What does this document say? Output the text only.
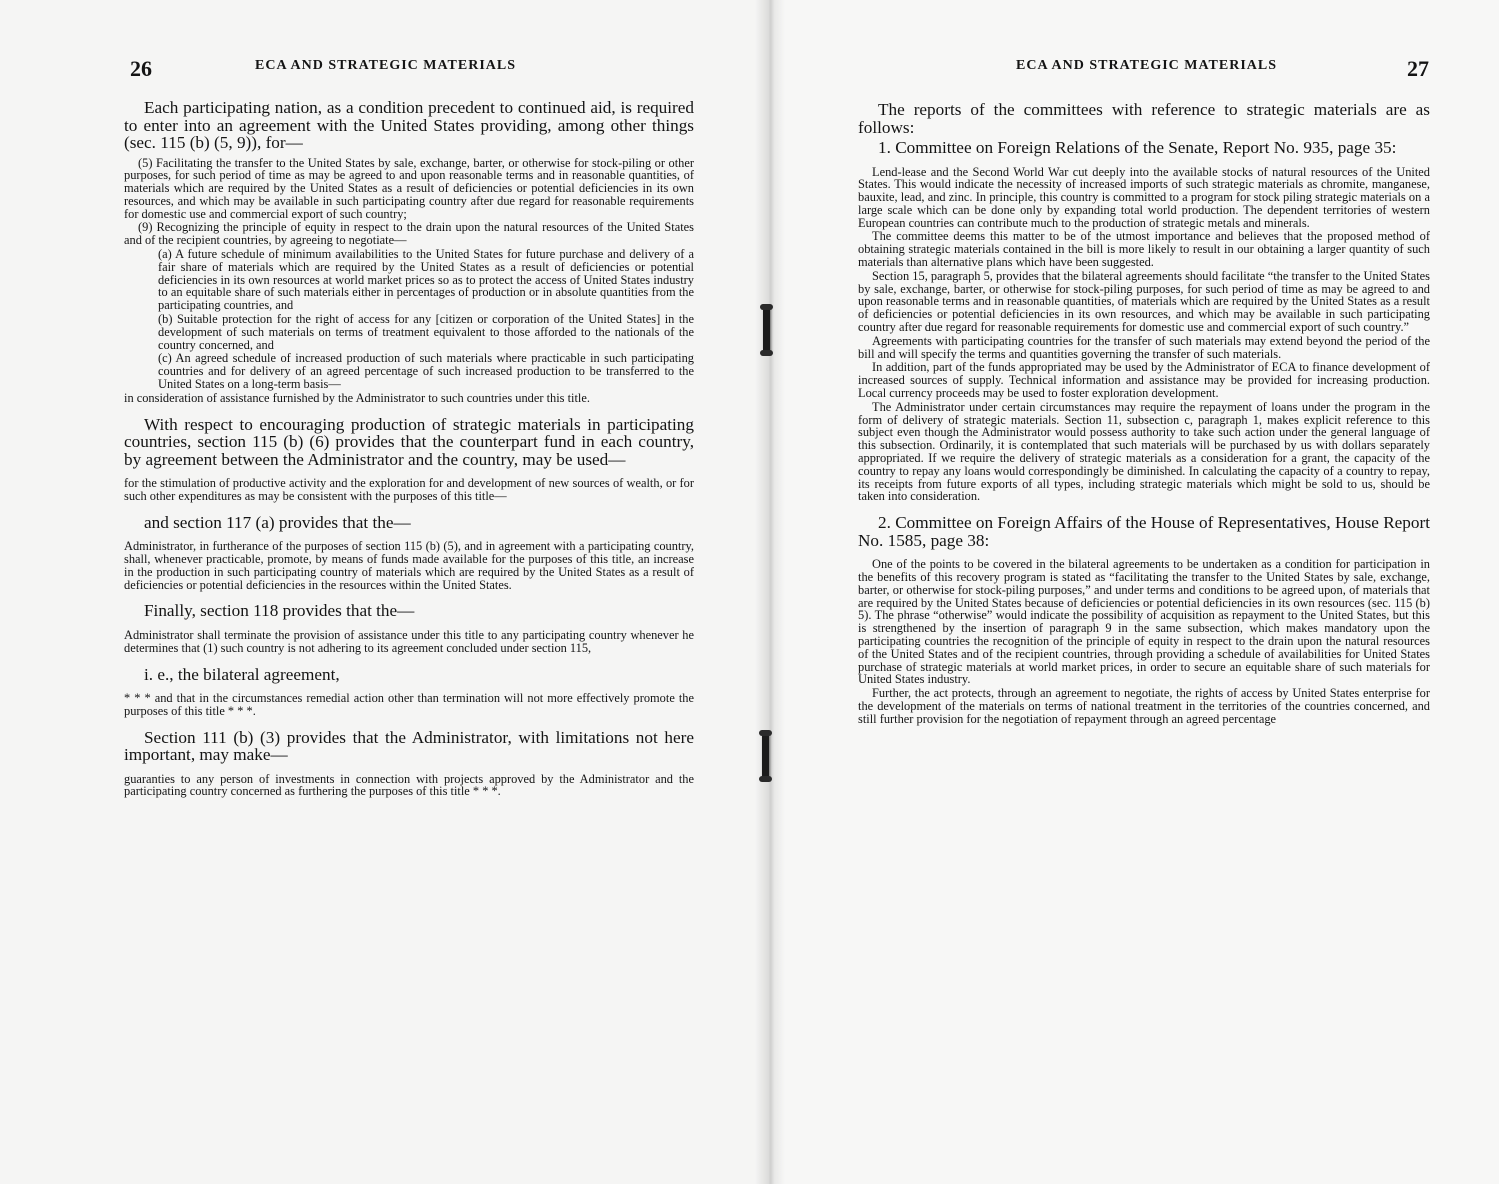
26	ECA AND STRATEGIC MATERIALS

Each participating nation, as a condition precedent to continued aid, is required to enter into an agreement with the United States providing, among other things (sec. 115 (b) (5, 9)), for—

(5) Facilitating the transfer to the United States by sale, exchange, barter, or otherwise for stock-piling or other purposes, for such period of time as may be agreed to and upon reasonable terms and in reasonable quantities, of materials which are required by the United States as a result of deficiencies or potential deficiencies in its own resources, and which may be available in such participating country after due regard for reasonable requirements for domestic use and commercial export of such country;

(9) Recognizing the principle of equity in respect to the drain upon the natural resources of the United States and of the recipient countries, by agreeing to negotiate—

(a) A future schedule of minimum availabilities to the United States for future purchase and delivery of a fair share of materials which are required by the United States as a result of deficiencies or potential deficiencies in its own resources at world market prices so as to protect the access of United States industry to an equitable share of such materials either in percentages of production or in absolute quantities from the participating countries, and

(b) Suitable protection for the right of access for any [citizen or corporation of the United States] in the development of such materials on terms of treatment equivalent to those afforded to the nationals of the country concerned, and

(c) An agreed schedule of increased production of such materials where practicable in such participating countries and for delivery of an agreed percentage of such increased production to be transferred to the United States on a long-term basis—

in consideration of assistance furnished by the Administrator to such countries under this title.

With respect to encouraging production of strategic materials in participating countries, section 115 (b) (6) provides that the counterpart fund in each country, by agreement between the Administrator and the country, may be used—

for the stimulation of productive activity and the exploration for and development of new sources of wealth, or for such other expenditures as may be consistent with the purposes of this title—

and section 117 (a) provides that the—

Administrator, in furtherance of the purposes of section 115 (b) (5), and in agreement with a participating country, shall, whenever practicable, promote, by means of funds made available for the purposes of this title, an increase in the production in such participating country of materials which are required by the United States as a result of deficiencies or potential deficiencies in the resources within the United States.

Finally, section 118 provides that the—

Administrator shall terminate the provision of assistance under this title to any participating country whenever he determines that (1) such country is not adhering to its agreement concluded under section 115,

i. e., the bilateral agreement,

* * * and that in the circumstances remedial action other than termination will not more effectively promote the purposes of this title * * *.

Section 111 (b) (3) provides that the Administrator, with limitations not here important, may make—

guaranties to any person of investments in connection with projects approved by the Administrator and the participating country concerned as furthering the purposes of this title * * *.

ECA AND STRATEGIC MATERIALS	27

The reports of the committees with reference to strategic materials are as follows:

1. Committee on Foreign Relations of the Senate, Report No. 935, page 35:

Lend-lease and the Second World War cut deeply into the available stocks of natural resources of the United States. This would indicate the necessity of increased imports of such strategic materials as chromite, manganese, bauxite, lead, and zinc. In principle, this country is committed to a program for stock piling strategic materials on a large scale which can be done only by expanding total world production. The dependent territories of western European countries can contribute much to the production of strategic metals and minerals.

The committee deems this matter to be of the utmost importance and believes that the proposed method of obtaining strategic materials contained in the bill is more likely to result in our obtaining a larger quantity of such materials than alternative plans which have been suggested.

Section 15, paragraph 5, provides that the bilateral agreements should facilitate “the transfer to the United States by sale, exchange, barter, or otherwise for stock-piling purposes, for such period of time as may be agreed to and upon reasonable terms and in reasonable quantities, of materials which are required by the United States as a result of deficiencies or potential deficiencies in its own resources, and which may be available in such participating country after due regard for reasonable requirements for domestic use and commercial export of such country.”

Agreements with participating countries for the transfer of such materials may extend beyond the period of the bill and will specify the terms and quantities governing the transfer of such materials.

In addition, part of the funds appropriated may be used by the Administrator of ECA to finance development of increased sources of supply. Technical information and assistance may be provided for increasing production. Local currency proceeds may be used to foster exploration development.

The Administrator under certain circumstances may require the repayment of loans under the program in the form of delivery of strategic materials. Section 11, subsection c, paragraph 1, makes explicit reference to this subject even though the Administrator would possess authority to take such action under the general language of this subsection. Ordinarily, it is contemplated that such materials will be purchased by us with dollars separately appropriated. If we require the delivery of strategic materials as a consideration for a grant, the capacity of the country to repay any loans would correspondingly be diminished. In calculating the capacity of a country to repay, its receipts from future exports of all types, including strategic materials which might be sold to us, should be taken into consideration.

2. Committee on Foreign Affairs of the House of Representatives, House Report No. 1585, page 38:

One of the points to be covered in the bilateral agreements to be undertaken as a condition for participation in the benefits of this recovery program is stated as “facilitating the transfer to the United States by sale, exchange, barter, or otherwise for stock-piling purposes,” and under terms and conditions to be agreed upon, of materials that are required by the United States because of deficiencies or potential deficiencies in its own resources (sec. 115 (b) 5). The phrase “otherwise” would indicate the possibility of acquisition as repayment to the United States, but this is strengthened by the insertion of paragraph 9 in the same subsection, which makes mandatory upon the participating countries the recognition of the principle of equity in respect to the drain upon the natural resources of the United States and of the recipient countries, through providing a schedule of availabilities for United States purchase of strategic materials at world market prices, in order to secure an equitable share of such materials for United States industry.

Further, the act protects, through an agreement to negotiate, the rights of access by United States enterprise for the development of the materials on terms of national treatment in the territories of the countries concerned, and still further provision for the negotiation of repayment through an agreed percentage
